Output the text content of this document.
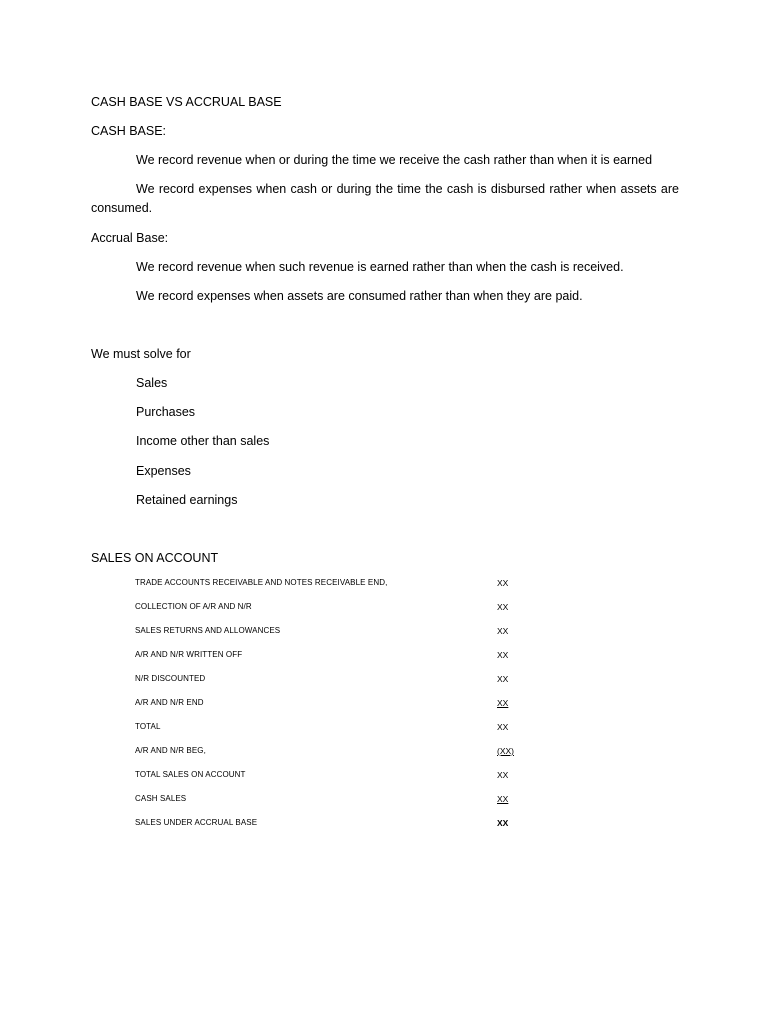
CASH BASE VS ACCRUAL BASE
CASH BASE:
We record revenue when or during the time we receive the cash rather than when it is earned
We record expenses when cash or during the time the cash is disbursed rather when assets are consumed.
Accrual Base:
We record revenue when such revenue is earned rather than when the cash is received.
We record expenses when assets are consumed rather than when they are paid.
We must solve for
Sales
Purchases
Income other than sales
Expenses
Retained earnings
SALES ON ACCOUNT
TRADE ACCOUNTS RECEIVABLE AND NOTES RECEIVABLE END,	XX
COLLECTION OF A/R AND N/R	XX
SALES RETURNS AND ALLOWANCES	XX
A/R AND N/R WRITTEN OFF	XX
N/R DISCOUNTED	XX
A/R AND N/R END	XX
TOTAL	XX
A/R AND N/R BEG,	(XX)
TOTAL SALES ON ACCOUNT	XX
CASH SALES	XX
SALES UNDER ACCRUAL BASE	XX
